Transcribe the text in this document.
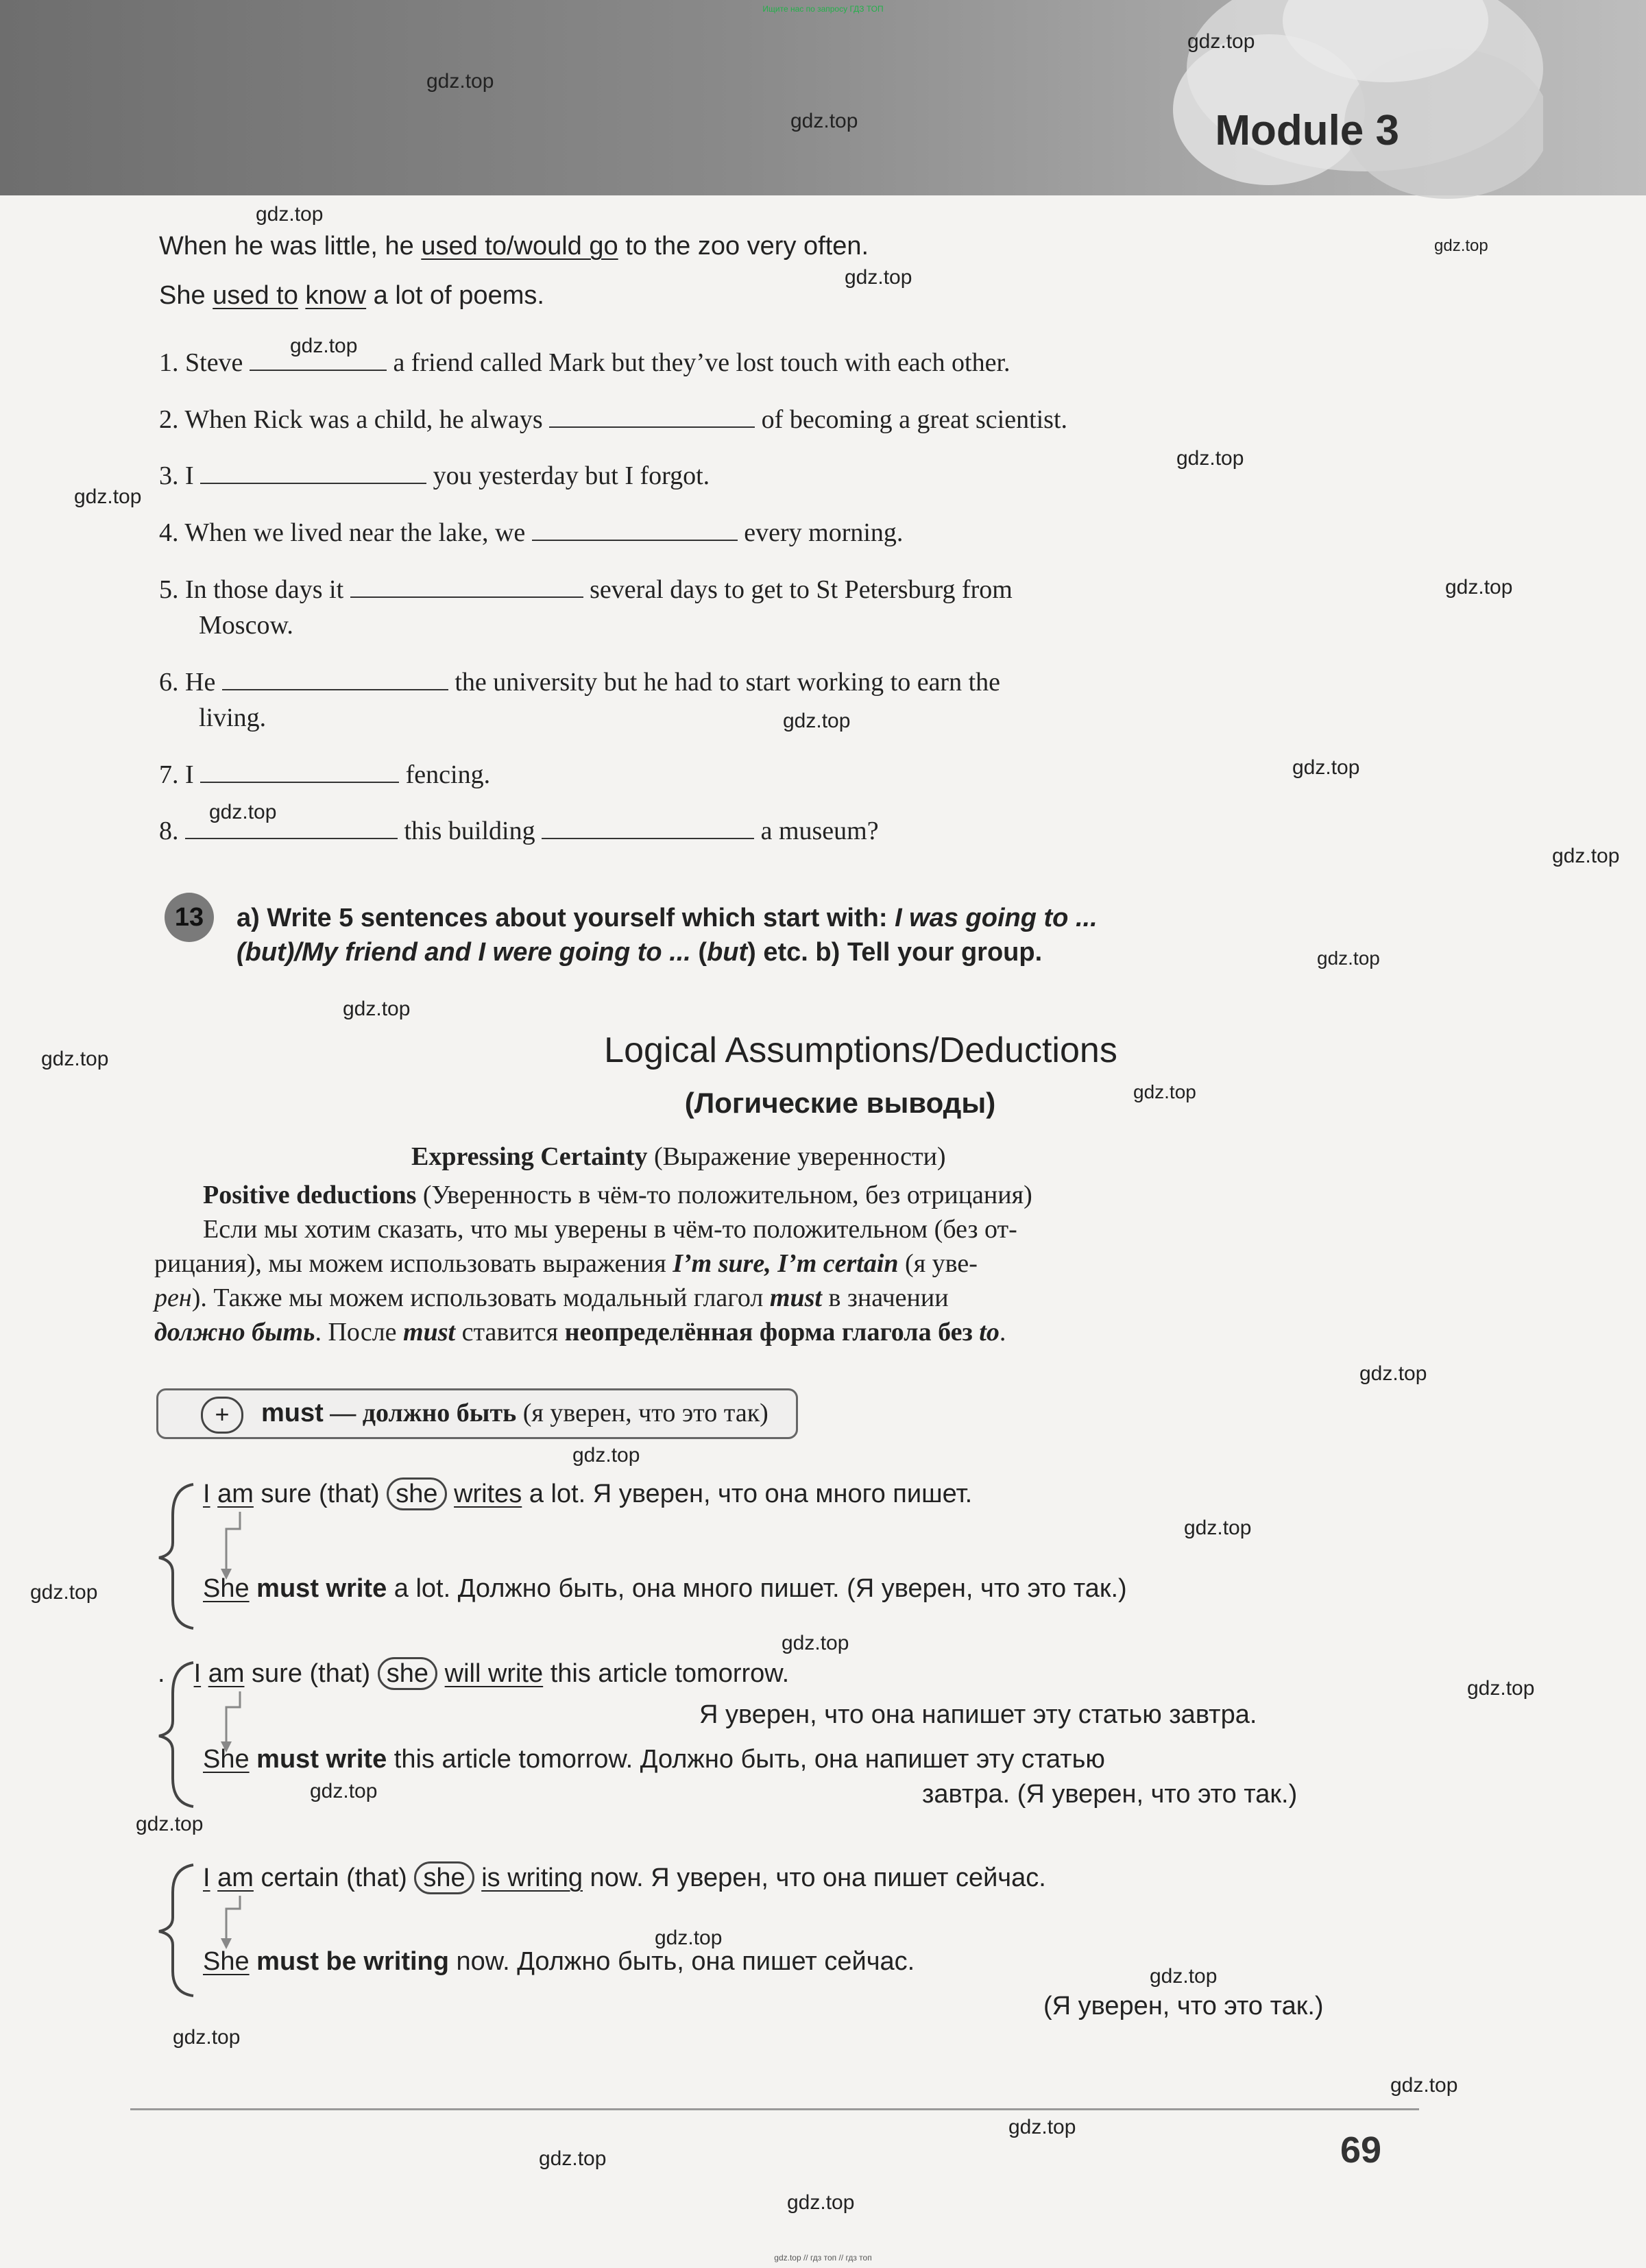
Ищите нас по запросу ГДЗ ТОП
Module 3
gdz.top
gdz.top
gdz.top
gdz.top
gdz.top
gdz.top
gdz.top
gdz.top
gdz.top
gdz.top
gdz.top
gdz.top
gdz.top
gdz.top
gdz.top
gdz.top
gdz.top
gdz.top
gdz.top
gdz.top
gdz.top
gdz.top
gdz.top
gdz.top
gdz.top
gdz.top
gdz.top
gdz.top
gdz.top
gdz.top
gdz.top
gdz.top
gdz.top
When he was little, he used to/would go to the zoo very often.
She used to know a lot of poems.
1. Steve	a friend called Mark but they’ve lost touch with each other.
2. When Rick was a child, he always	of becoming a great scientist.
3. I	you yesterday but I forgot.
4. When we lived near the lake, we	every morning.
5. In those days it	several days to get to St Petersburg from
Moscow.
6. He	the university but he had to start working to earn the
living.
7. I	fencing.
8.	this building	a museum?
13	a) Write 5 sentences about yourself which start with: I was going to ...
(but)/My friend and I were going to ... (but) etc. b) Tell your group.
Logical Assumptions/Deductions
(Логические выводы)
Expressing Certainty (Выражение уверенности)
Positive deductions (Уверенность в чём-то положительном, без отрицания)
Если мы хотим сказать, что мы уверены в чём-то положительном (без от-
рицания), мы можем использовать выражения I’m sure, I’m certain (я уве-
рен). Также мы можем использовать модальный глагол must в значении
должно быть. После must ставится неопределённая форма глагола без to.
+ must — должно быть (я уверен, что это так)
I am sure (that) she writes a lot. Я уверен, что она много пишет.
She must write a lot. Должно быть, она много пишет. (Я уверен, что это так.)
. I am sure (that) she will write this article tomorrow.
Я уверен, что она напишет эту статью завтра.
She must write this article tomorrow. Должно быть, она напишет эту статью
завтра. (Я уверен, что это так.)
I am certain (that) she is writing now. Я уверен, что она пишет сейчас.
She must be writing now. Должно быть, она пишет сейчас.
(Я уверен, что это так.)
69
gdz.top // гдз топ // гдз топ
